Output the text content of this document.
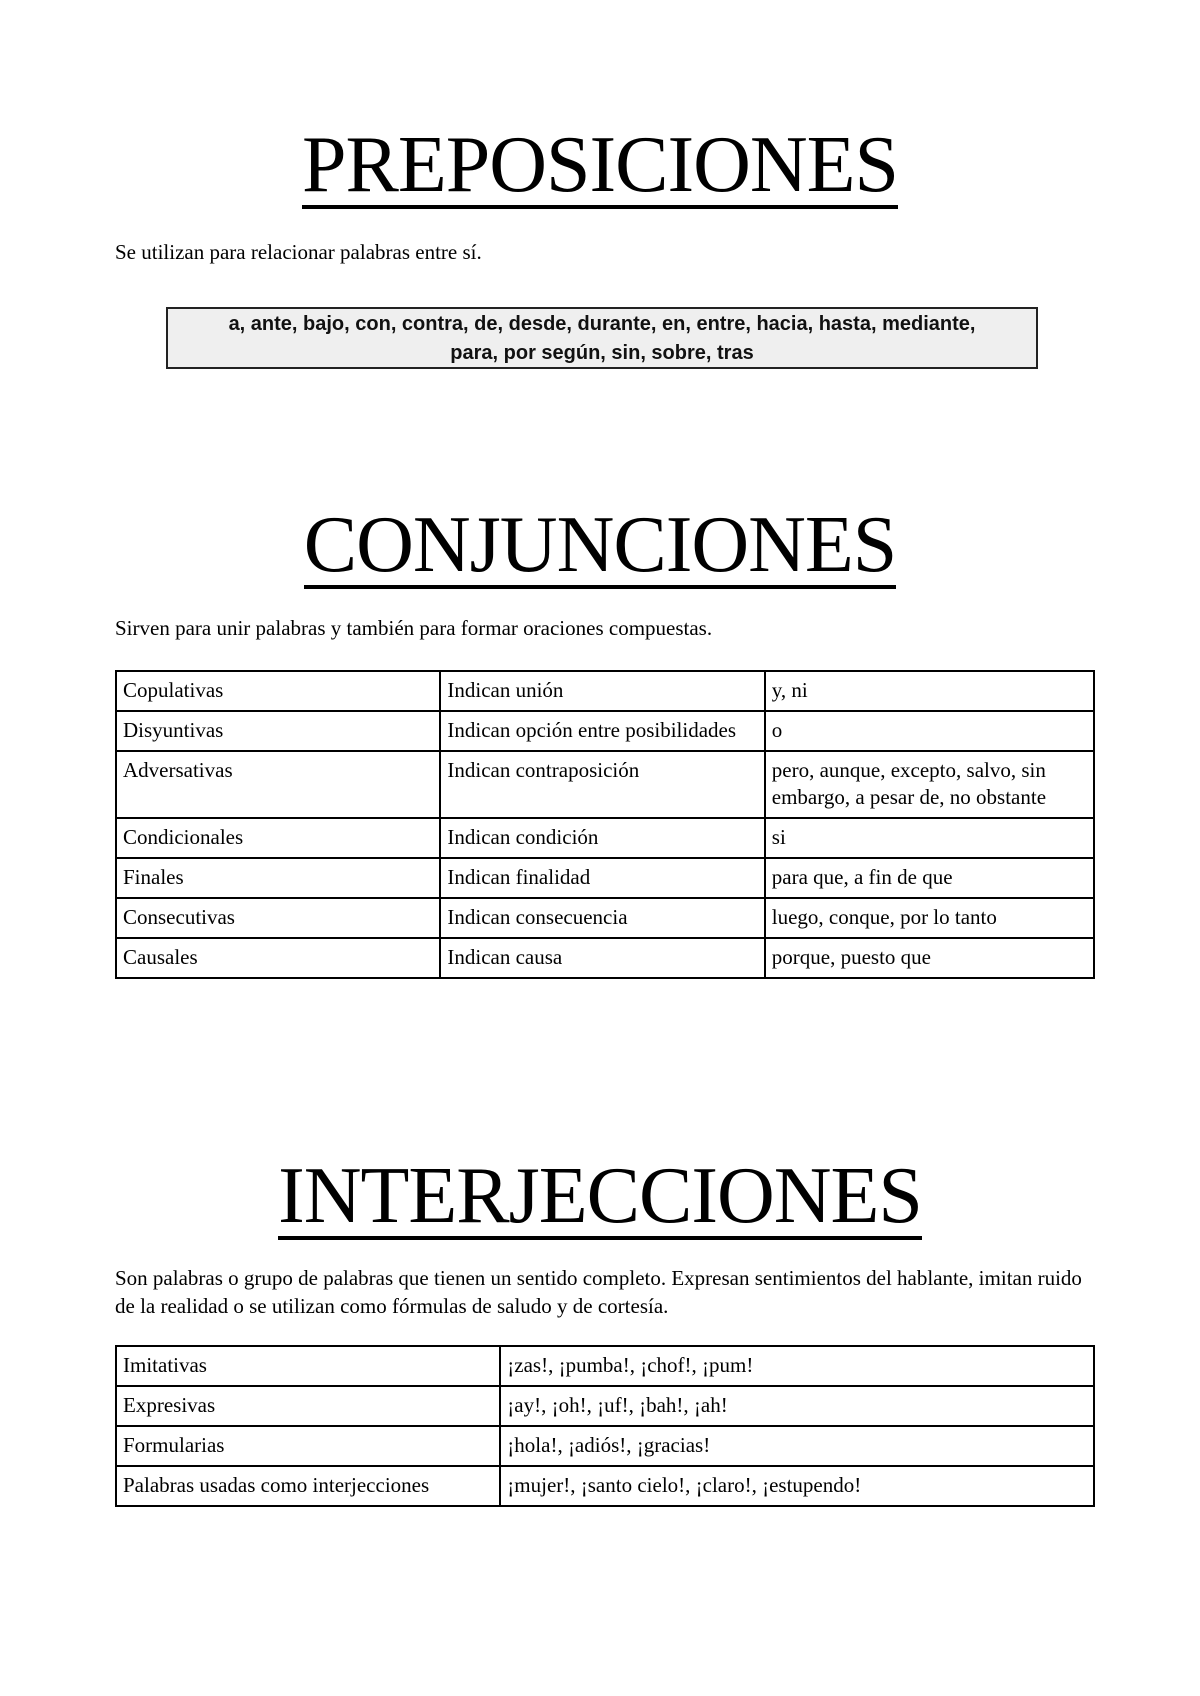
PREPOSICIONES

Se utilizan para relacionar palabras entre sí.

a, ante, bajo, con, contra, de, desde, durante, en, entre, hacia, hasta, mediante,
para, por según, sin, sobre, tras
CONJUNCIONES

Sirven para unir palabras y también para formar oraciones compuestas.

Copulativas	Indican unión	y, ni
Disyuntivas	Indican opción entre posibilidades	o
Adversativas	Indican contraposición	pero, aunque, excepto, salvo, sin embargo, a pesar de, no obstante
Condicionales	Indican condición	si
Finales	Indican finalidad	para que, a fin de que
Consecutivas	Indican consecuencia	luego, conque, por lo tanto
Causales	Indican causa	porque, puesto que
INTERJECCIONES

Son palabras o grupo de palabras que tienen un sentido completo. Expresan sentimientos del hablante, imitan ruido de la realidad o se utilizan como fórmulas de saludo y de cortesía.

Imitativas	¡zas!, ¡pumba!, ¡chof!, ¡pum!
Expresivas	¡ay!, ¡oh!, ¡uf!, ¡bah!, ¡ah!
Formularias	¡hola!, ¡adiós!, ¡gracias!
Palabras usadas como interjecciones	¡mujer!, ¡santo cielo!, ¡claro!, ¡estupendo!
